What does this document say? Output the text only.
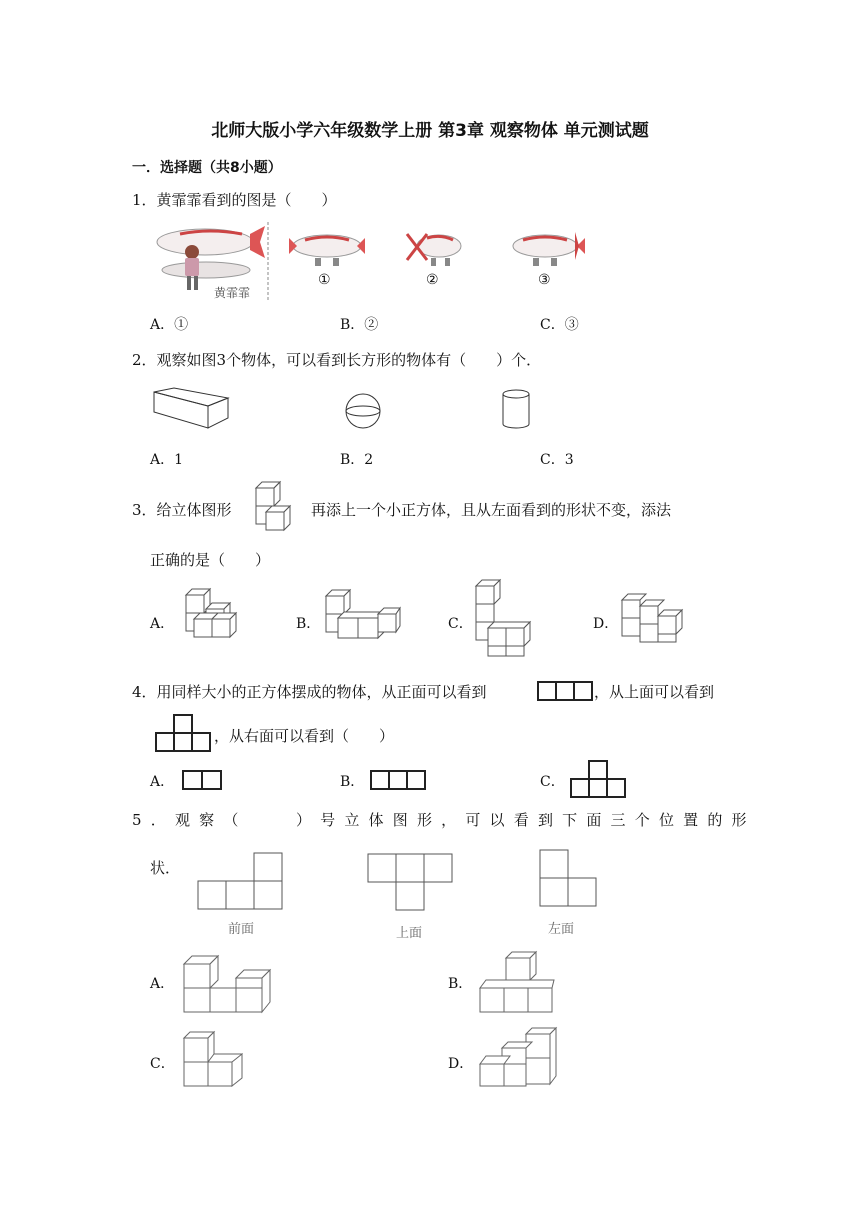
北师大版小学六年级数学上册 第3章 观察物体 单元测试题
一．选择题（共8小题）
1．黄霏霏看到的图是（　　）
黄霏霏
①	②	③
A．①	B．②	C．③
2．观察如图3个物体，可以看到长方形的物体有（　　）个．
A．1	B．2	C．3
3．给立体图形	再添上一个小正方体，且从左面看到的形状不变，添法
正确的是（　　）
A．	B．	C．	D．
4．用同样大小的正方体摆成的物体，从正面可以看到	，从上面可以看到
，从右面可以看到（　　）
A．	B．	C．
5．观察（　　）号立体图形，可以看到下面三个位置的形
状．
前面	上面	左面
A．	B．
C．	D．
